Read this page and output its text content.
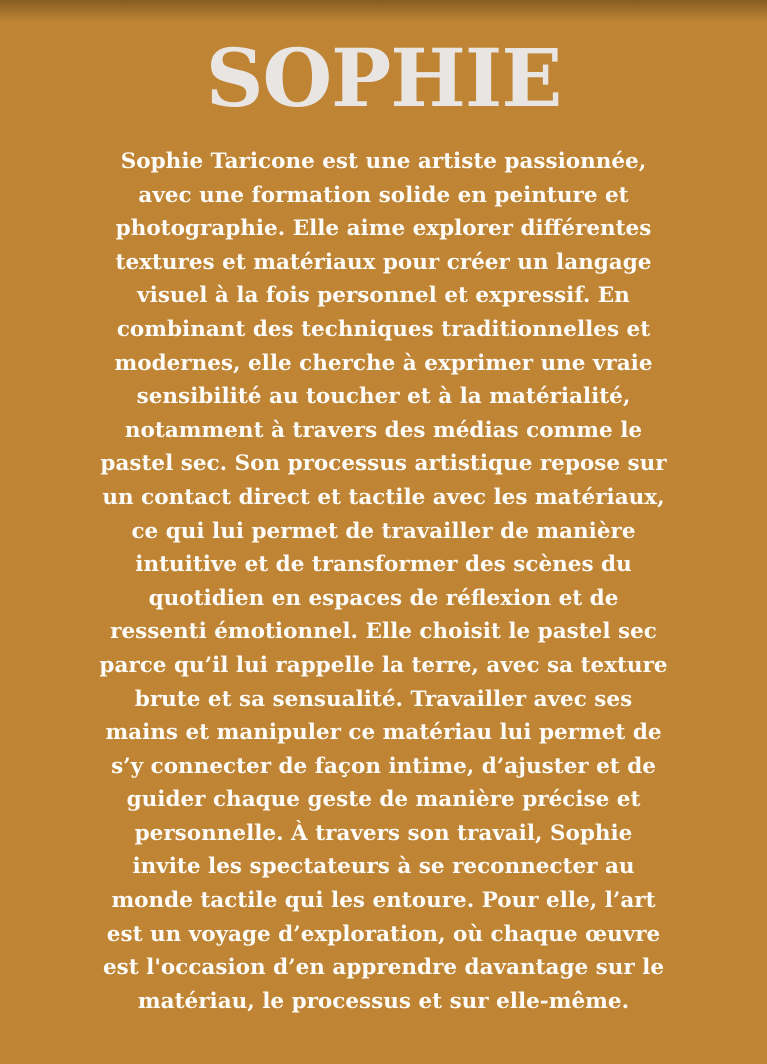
SOPHIE
Sophie Taricone est une artiste passionnée,
avec une formation solide en peinture et
photographie. Elle aime explorer différentes
textures et matériaux pour créer un langage
visuel à la fois personnel et expressif. En
combinant des techniques traditionnelles et
modernes, elle cherche à exprimer une vraie
sensibilité au toucher et à la matérialité,
notamment à travers des médias comme le
pastel sec. Son processus artistique repose sur
un contact direct et tactile avec les matériaux,
ce qui lui permet de travailler de manière
intuitive et de transformer des scènes du
quotidien en espaces de réflexion et de
ressenti émotionnel. Elle choisit le pastel sec
parce qu’il lui rappelle la terre, avec sa texture
brute et sa sensualité. Travailler avec ses
mains et manipuler ce matériau lui permet de
s’y connecter de façon intime, d’ajuster et de
guider chaque geste de manière précise et
personnelle. À travers son travail, Sophie
invite les spectateurs à se reconnecter au
monde tactile qui les entoure. Pour elle, l’art
est un voyage d’exploration, où chaque œuvre
est l'occasion d’en apprendre davantage sur le
matériau, le processus et sur elle-même.
